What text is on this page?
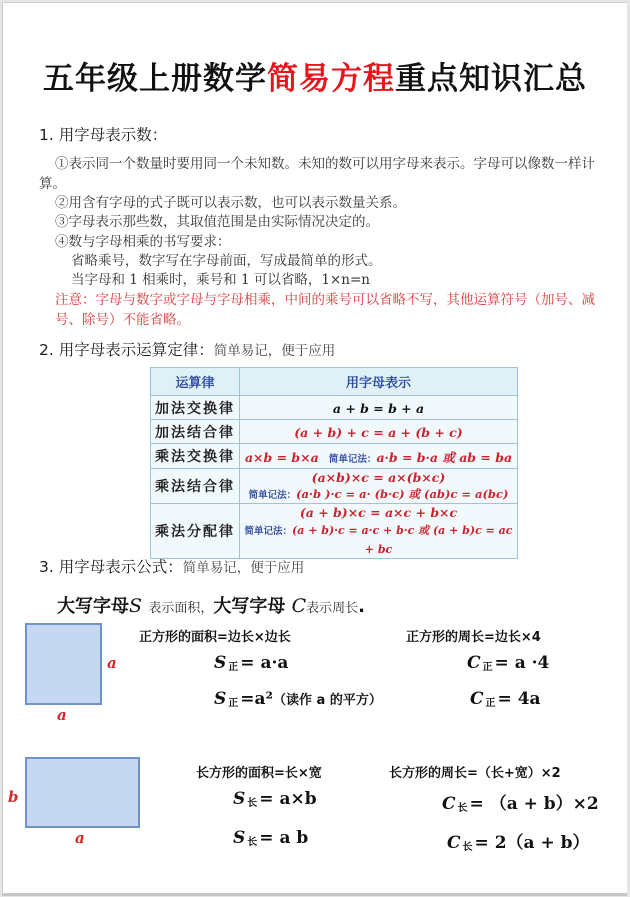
五年级上册数学简易方程重点知识汇总
1. 用字母表示数：
①表示同一个数量时要用同一个未知数。未知的数可以用字母来表示。字母可以像数一样计
算。
②用含有字母的式子既可以表示数，也可以表示数量关系。
③字母表示那些数，其取值范围是由实际情况决定的。
④数与字母相乘的书写要求：
省略乘号，数字写在字母前面，写成最简单的形式。
当字母和 1 相乘时，乘号和 1 可以省略，1×n=n
注意：字母与数字或字母与字母相乘，中间的乘号可以省略不写，其他运算符号（加号、减
号、除号）不能省略。
2. 用字母表示运算定律：简单易记，便于应用
运算律	用字母表示
加法交换律	a + b = b + a
加法结合律	(a + b) + c = a + (b + c)
乘法交换律	a×b = b×a 简单记法：a·b = b·a 或 ab = ba
乘法结合律	(a×b)×c = a×(b×c)
简单记法：(a·b )·c = a· (b·c) 或 (ab)c = a(bc)
乘法分配律	(a + b)×c = a×c + b×c
简单记法：(a + b)·c = a·c + b·c 或 (a + b)c = ac + bc
3. 用字母表示公式：简单易记，便于应用
大写字母S 表示面积，大写字母 C表示周长.
a
a
正方形的面积=边长×边长
S $_正$ = a·a
S $_正$ =a²（读作 a 的平方）
正方形的周长=边长×4
C $_正$ = a ·4
C $_正$ = 4a
b
a
长方形的面积=长×宽
S $_长$ = a×b
S $_长$ = a b
长方形的周长=（长+宽）×2
C $_长$ = （a + b）×2
C $_长$ = 2（a + b）
